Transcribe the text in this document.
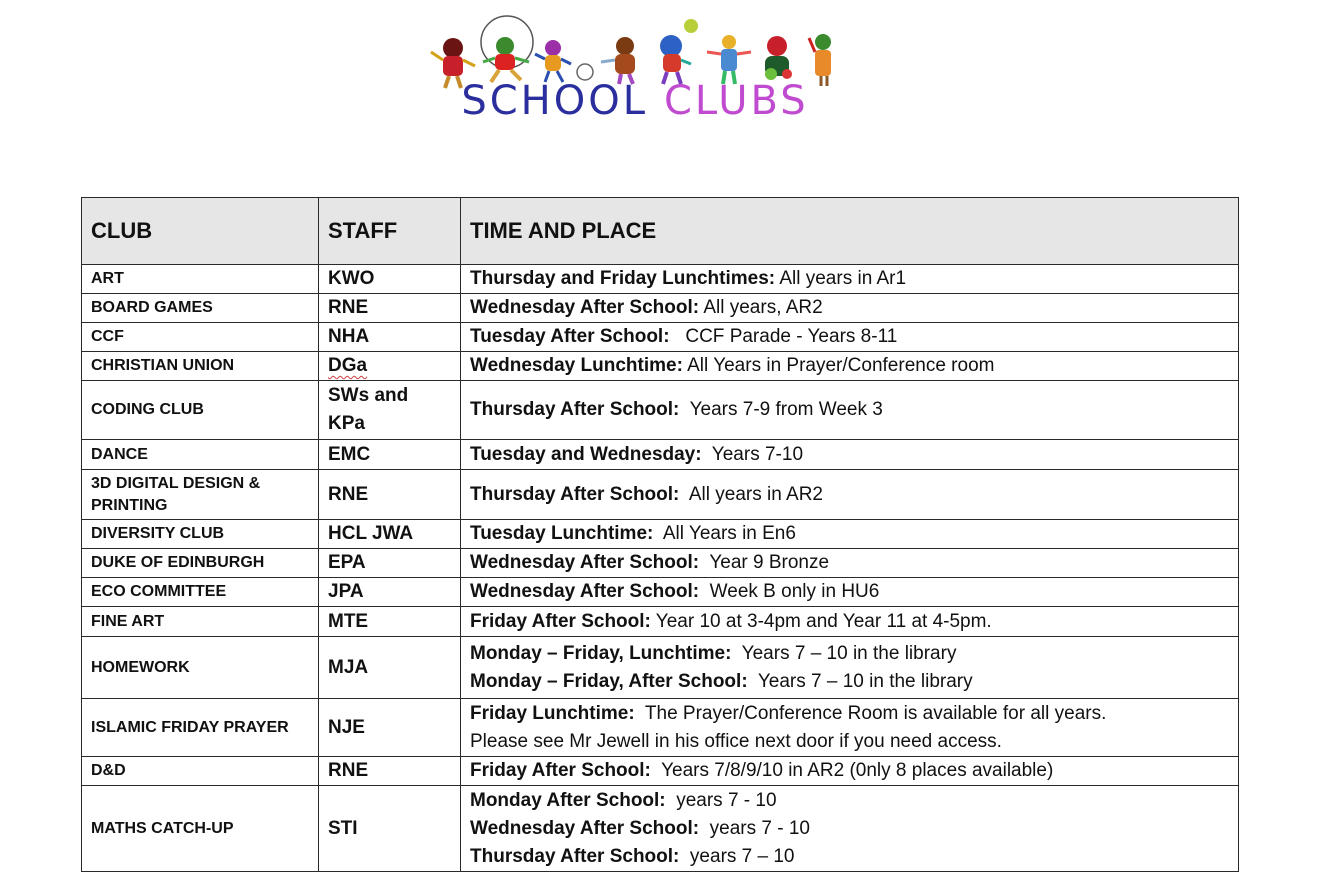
SCHOOL CLUBS
CLUB	STAFF	TIME AND PLACE
ART	KWO	Thursday and Friday Lunchtimes: All years in Ar1

BOARD GAMES	RNE	Wednesday After School: All years, AR2

CCF	NHA	Tuesday After School:   CCF Parade - Years 8-11

CHRISTIAN UNION	DGa	Wednesday Lunchtime: All Years in Prayer/Conference room

CODING CLUB	SWs and KPa	Thursday After School:  Years 7-9 from Week 3

DANCE	EMC	Tuesday and Wednesday:  Years 7-10

3D DIGITAL DESIGN & PRINTING	RNE	Thursday After School:  All years in AR2

DIVERSITY CLUB	HCL JWA	Tuesday Lunchtime:  All Years in En6

DUKE OF EDINBURGH	EPA	Wednesday After School:  Year 9 Bronze

ECO COMMITTEE	JPA	Wednesday After School:  Week B only in HU6

FINE ART	MTE	Friday After School: Year 10 at 3-4pm and Year 11 at 4-5pm.

HOMEWORK	MJA	Monday – Friday, Lunchtime:  Years 7 – 10 in the library
Monday – Friday, After School:  Years 7 – 10 in the library

ISLAMIC FRIDAY PRAYER	NJE	Friday Lunchtime:  The Prayer/Conference Room is available for all years.
Please see Mr Jewell in his office next door if you need access.

D&D	RNE	Friday After School:  Years 7/8/9/10 in AR2 (0nly 8 places available)

MATHS CATCH-UP	STI	Monday After School:  years 7 - 10
Wednesday After School:  years 7 - 10
Thursday After School:  years 7 – 10
